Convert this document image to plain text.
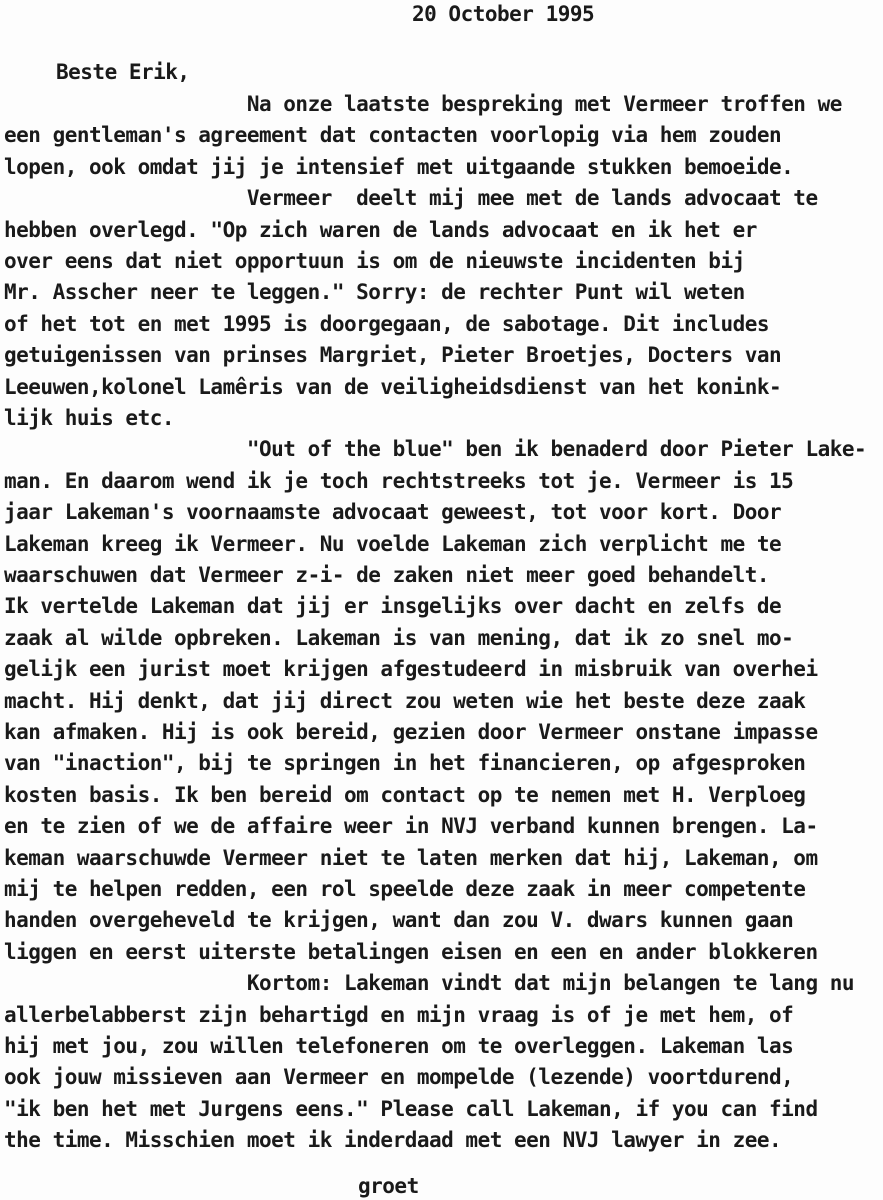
20 October 1995
Beste Erik,
Na onze laatste bespreking met Vermeer troffen we
een gentleman's agreement dat contacten voorlopig via hem zouden
lopen, ook omdat jij je intensief met uitgaande stukken bemoeide.
Vermeer  deelt mij mee met de lands advocaat te
hebben overlegd. "Op zich waren de lands advocaat en ik het er
over eens dat niet opportuun is om de nieuwste incidenten bij
Mr. Asscher neer te leggen." Sorry: de rechter Punt wil weten
of het tot en met 1995 is doorgegaan, de sabotage. Dit includes
getuigenissen van prinses Margriet, Pieter Broetjes, Docters van
Leeuwen,kolonel Lamêris van de veiligheidsdienst van het konink-
lijk huis etc.
"Out of the blue" ben ik benaderd door Pieter Lake-
man. En daarom wend ik je toch rechtstreeks tot je. Vermeer is 15
jaar Lakeman's voornaamste advocaat geweest, tot voor kort. Door
Lakeman kreeg ik Vermeer. Nu voelde Lakeman zich verplicht me te
waarschuwen dat Vermeer z-i- de zaken niet meer goed behandelt.
Ik vertelde Lakeman dat jij er insgelijks over dacht en zelfs de
zaak al wilde opbreken. Lakeman is van mening, dat ik zo snel mo-
gelijk een jurist moet krijgen afgestudeerd in misbruik van overhei
macht. Hij denkt, dat jij direct zou weten wie het beste deze zaak
kan afmaken. Hij is ook bereid, gezien door Vermeer onstane impasse
van "inaction", bij te springen in het financieren, op afgesproken
kosten basis. Ik ben bereid om contact op te nemen met H. Verploeg
en te zien of we de affaire weer in NVJ verband kunnen brengen. La-
keman waarschuwde Vermeer niet te laten merken dat hij, Lakeman, om
mij te helpen redden, een rol speelde deze zaak in meer competente
handen overgeheveld te krijgen, want dan zou V. dwars kunnen gaan
liggen en eerst uiterste betalingen eisen en een en ander blokkeren
Kortom: Lakeman vindt dat mijn belangen te lang nu
allerbelabberst zijn behartigd en mijn vraag is of je met hem, of
hij met jou, zou willen telefoneren om te overleggen. Lakeman las
ook jouw missieven aan Vermeer en mompelde (lezende) voortdurend,
"ik ben het met Jurgens eens." Please call Lakeman, if you can find
the time. Misschien moet ik inderdaad met een NVJ lawyer in zee.
groet
